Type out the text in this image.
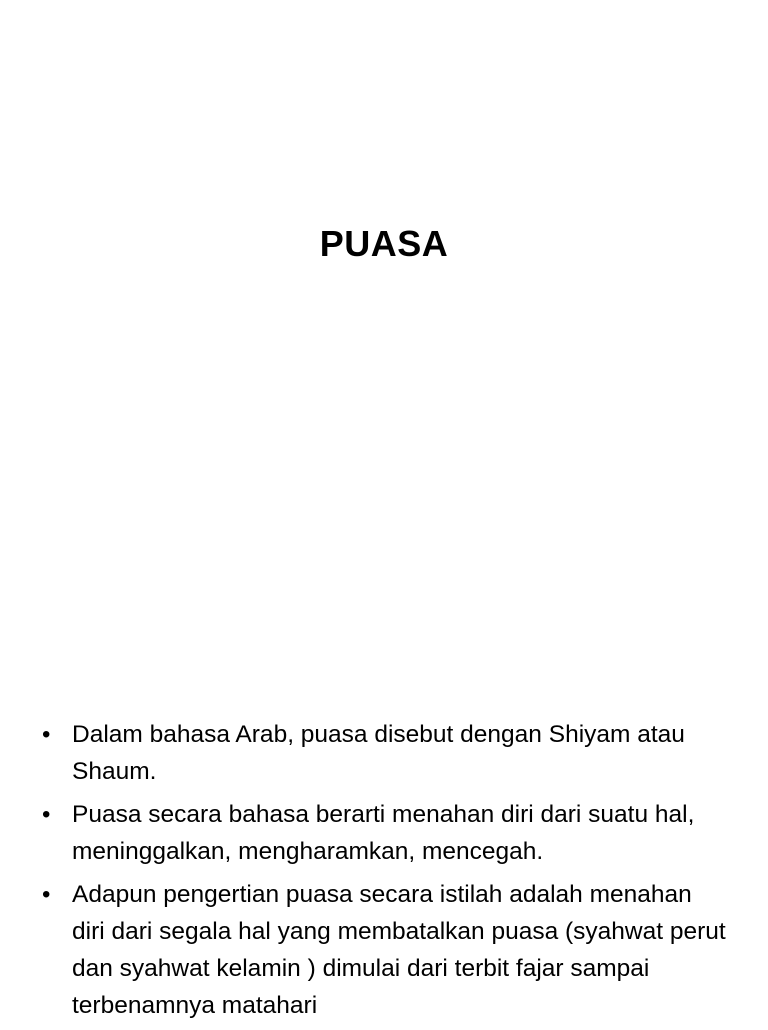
PUASA
• Dalam bahasa Arab, puasa disebut dengan Shiyam atau Shaum.
• Puasa secara bahasa berarti menahan diri dari suatu hal, meninggalkan, mengharamkan, mencegah.
• Adapun pengertian puasa secara istilah adalah menahan diri dari segala hal yang membatalkan puasa (syahwat perut dan syahwat kelamin ) dimulai dari terbit fajar sampai terbenamnya matahari
